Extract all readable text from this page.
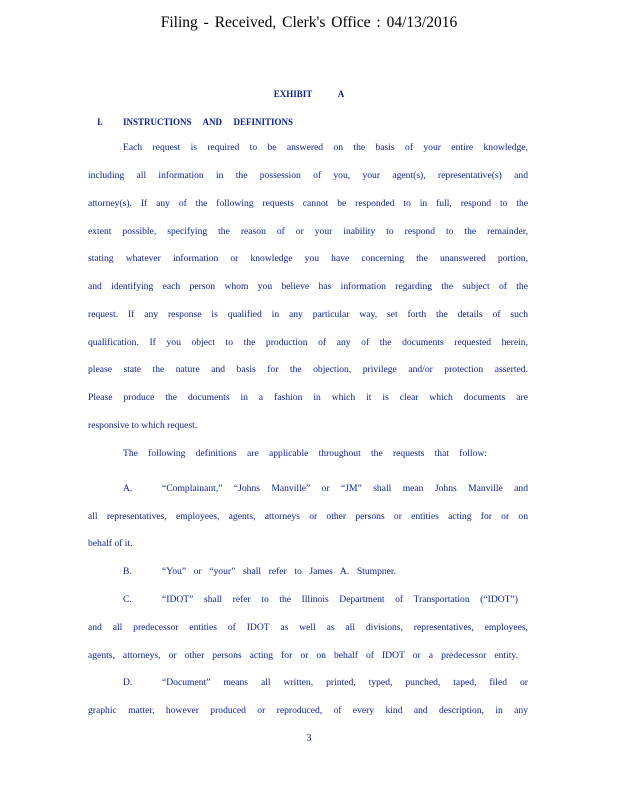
Filing - Received, Clerk's Office : 04/13/2016
EXHIBIT A
I. INSTRUCTIONS AND DEFINITIONS
Each request is required to be answered on the basis of your entire knowledge,
including all information in the possession of you, your agent(s), representative(s) and
attorney(s). If any of the following requests cannot be responded to in full, respond to the
extent possible, specifying the reason of or your inability to respond to the remainder,
stating whatever information or knowledge you have concerning the unanswered portion,
and identifying each person whom you believe has information regarding the subject of the
request. If any response is qualified in any particular way, set forth the details of such
qualification. If you object to the production of any of the documents requested herein,
please state the nature and basis for the objection, privilege and/or protection asserted.
Please produce the documents in a fashion in which it is clear which documents are
responsive to which request.
The following definitions are applicable throughout the requests that follow:
A.	“Complainant,” “Johns Manville” or “JM” shall mean Johns Manville and
all representatives, employees, agents, attorneys or other persons or entities acting for or on
behalf of it.
B.	“You” or “your” shall refer to James A. Stumpner.
C.	“IDOT” shall refer to the Illinois Department of Transportation (“IDOT”)
and all predecessor entities of IDOT as well as all divisions, representatives, employees,
agents, attorneys, or other persons acting for or on behalf of IDOT or a predecessor entity.
D.	“Document” means all written, printed, typed, punched, taped, filed or
graphic matter, however produced or reproduced, of every kind and description, in any
3
